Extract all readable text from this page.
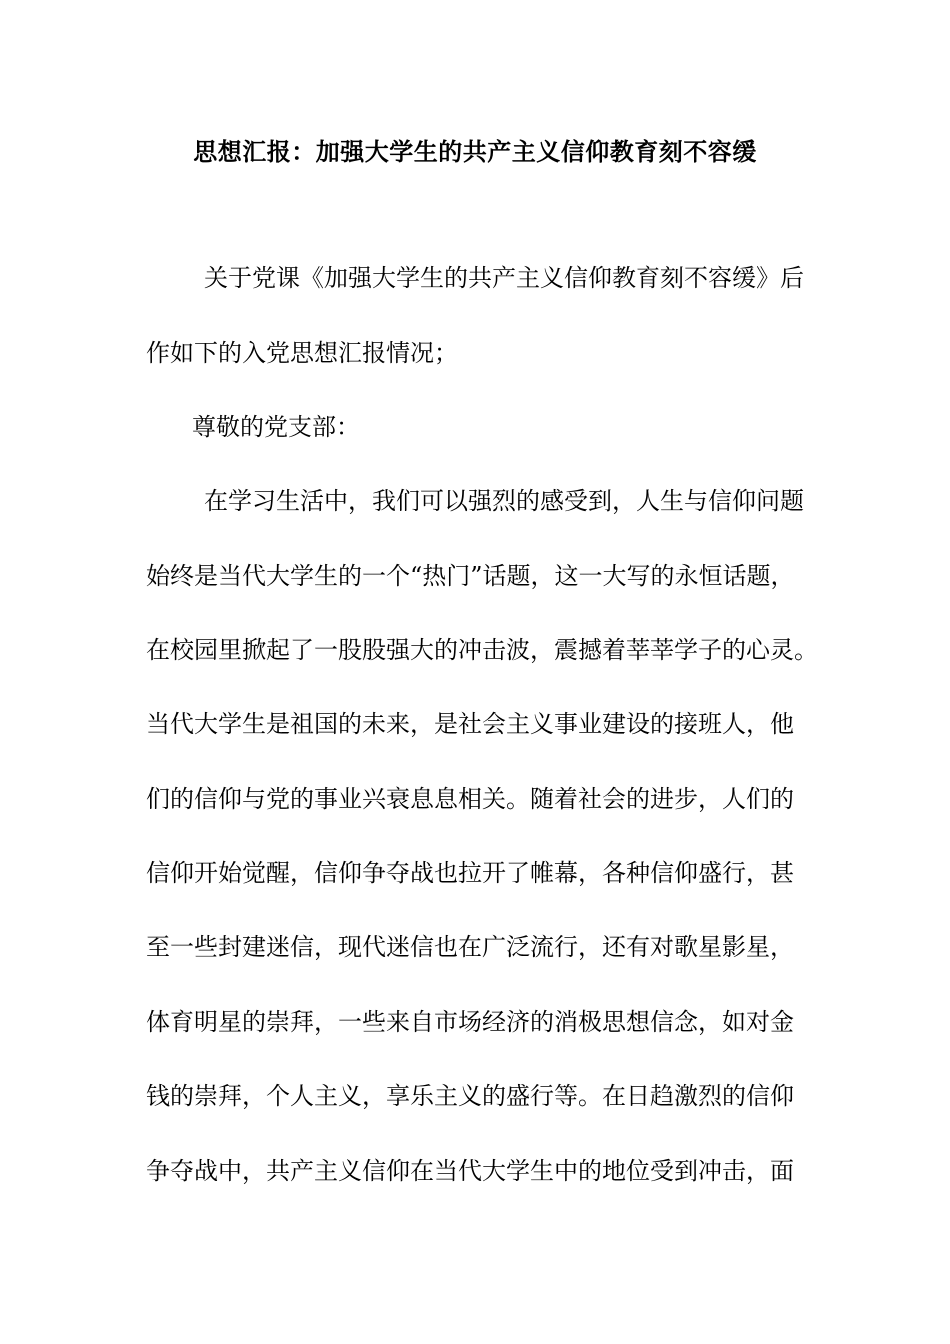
思想汇报：加强大学生的共产主义信仰教育刻不容缓
关于党课《加强大学生的共产主义信仰教育刻不容缓》后
作如下的入党思想汇报情况；
尊敬的党支部：
在学习生活中，我们可以强烈的感受到，人生与信仰问题
始终是当代大学生的一个“热门”话题，这一大写的永恒话题，
在校园里掀起了一股股强大的冲击波，震撼着莘莘学子的心灵。
当代大学生是祖国的未来，是社会主义事业建设的接班人，他
们的信仰与党的事业兴衰息息相关。随着社会的进步，人们的
信仰开始觉醒，信仰争夺战也拉开了帷幕，各种信仰盛行，甚
至一些封建迷信，现代迷信也在广泛流行，还有对歌星影星，
体育明星的崇拜，一些来自市场经济的消极思想信念，如对金
钱的崇拜，个人主义，享乐主义的盛行等。在日趋激烈的信仰
争夺战中，共产主义信仰在当代大学生中的地位受到冲击，面
